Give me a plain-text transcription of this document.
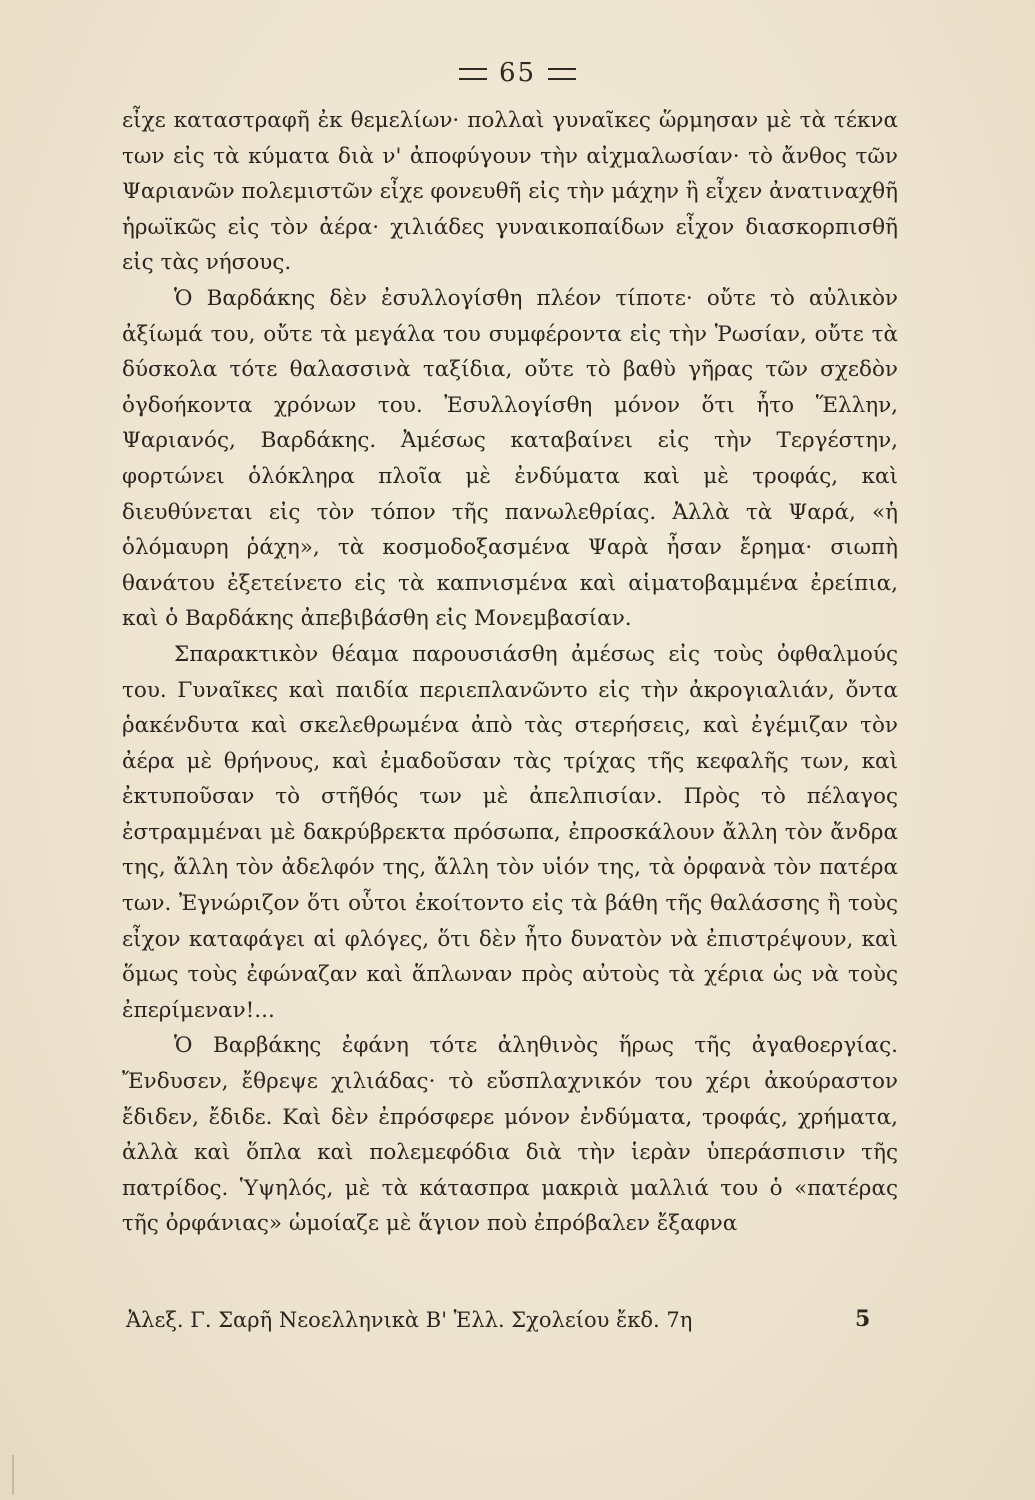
65

εἶχε καταστραφῆ ἐκ θεμελίων· πολλαὶ γυναῖκες ὥρμησαν μὲ τὰ τέκνα των εἰς τὰ κύματα διὰ ν' ἀποφύγουν τὴν αἰχμαλωσίαν· τὸ ἄνθος τῶν Ψαριανῶν πολεμιστῶν εἶχε φονευθῆ εἰς τὴν μάχην ἢ εἶχεν ἀνατιναχθῆ ἡρωϊκῶς εἰς τὸν ἀέρα· χιλιάδες γυναικοπαίδων εἶχον διασκορπισθῆ εἰς τὰς νήσους.

Ὁ Βαρδάκης δὲν ἐσυλλογίσθη πλέον τίποτε· οὔτε τὸ αὐλικὸν ἀξίωμά του, οὔτε τὰ μεγάλα του συμφέροντα εἰς τὴν Ῥωσίαν, οὔτε τὰ δύσκολα τότε θαλασσινὰ ταξίδια, οὔτε τὸ βαθὺ γῆρας τῶν σχεδὸν ὀγδοήκοντα χρόνων του. Ἐσυλλογίσθη μόνον ὅτι ἦτο Ἕλλην, Ψαριανός, Βαρδάκης. Ἀμέσως καταβαίνει εἰς τὴν Τεργέστην, φορτώνει ὁλόκληρα πλοῖα μὲ ἐνδύματα καὶ μὲ τροφάς, καὶ διευθύνεται εἰς τὸν τόπον τῆς πανωλεθρίας. Ἀλλὰ τὰ Ψαρά, «ἡ ὁλόμαυρη ῥάχη», τὰ κοσμοδοξασμένα Ψαρὰ ἦσαν ἔρημα· σιωπὴ θανάτου ἐξετείνετο εἰς τὰ καπνισμένα καὶ αἱματοβαμμένα ἐρείπια, καὶ ὁ Βαρδάκης ἀπεβιβάσθη εἰς Μονεμβασίαν.

Σπαρακτικὸν θέαμα παρουσιάσθη ἀμέσως εἰς τοὺς ὀφθαλμούς του. Γυναῖκες καὶ παιδία περιεπλανῶντο εἰς τὴν ἀκρογιαλιάν, ὄντα ῥακένδυτα καὶ σκελεθρωμένα ἀπὸ τὰς στερήσεις, καὶ ἐγέμιζαν τὸν ἀέρα μὲ θρήνους, καὶ ἐμαδοῦσαν τὰς τρίχας τῆς κεφαλῆς των, καὶ ἐκτυποῦσαν τὸ στῆθός των μὲ ἀπελπισίαν. Πρὸς τὸ πέλαγος ἐστραμμέναι μὲ δακρύβρεκτα πρόσωπα, ἐπροσκάλουν ἄλλη τὸν ἄνδρα της, ἄλλη τὸν ἀδελφόν της, ἄλλη τὸν υἱόν της, τὰ ὀρφανὰ τὸν πατέρα των. Ἐγνώριζον ὅτι οὗτοι ἐκοίτοντο εἰς τὰ βάθη τῆς θαλάσσης ἢ τοὺς εἶχον καταφάγει αἱ φλόγες, ὅτι δὲν ἦτο δυνατὸν νὰ ἐπιστρέψουν, καὶ ὅμως τοὺς ἐφώναζαν καὶ ἅπλωναν πρὸς αὐτοὺς τὰ χέρια ὡς νὰ τοὺς ἐπερίμεναν!...

Ὁ Βαρβάκης ἐφάνη τότε ἀληθινὸς ἥρως τῆς ἀγαθοεργίας. Ἔνδυσεν, ἔθρεψε χιλιάδας· τὸ εὔσπλαχνικόν του χέρι ἀκούραστον ἔδιδεν, ἔδιδε. Καὶ δὲν ἐπρόσφερε μόνον ἐνδύματα, τροφάς, χρήματα, ἀλλὰ καὶ ὅπλα καὶ πολεμεφόδια διὰ τὴν ἱερὰν ὑπεράσπισιν τῆς πατρίδος. Ὑψηλός, μὲ τὰ κάτασπρα μακριὰ μαλλιά του ὁ «πατέρας τῆς ὀρφάνιας» ὡμοίαζε μὲ ἅγιον ποὺ ἐπρόβαλεν ἔξαφνα

Ἀλεξ. Γ. Σαρῆ Νεοελληνικὰ Β' Ἑλλ. Σχολείου ἔκδ. 7η	5
